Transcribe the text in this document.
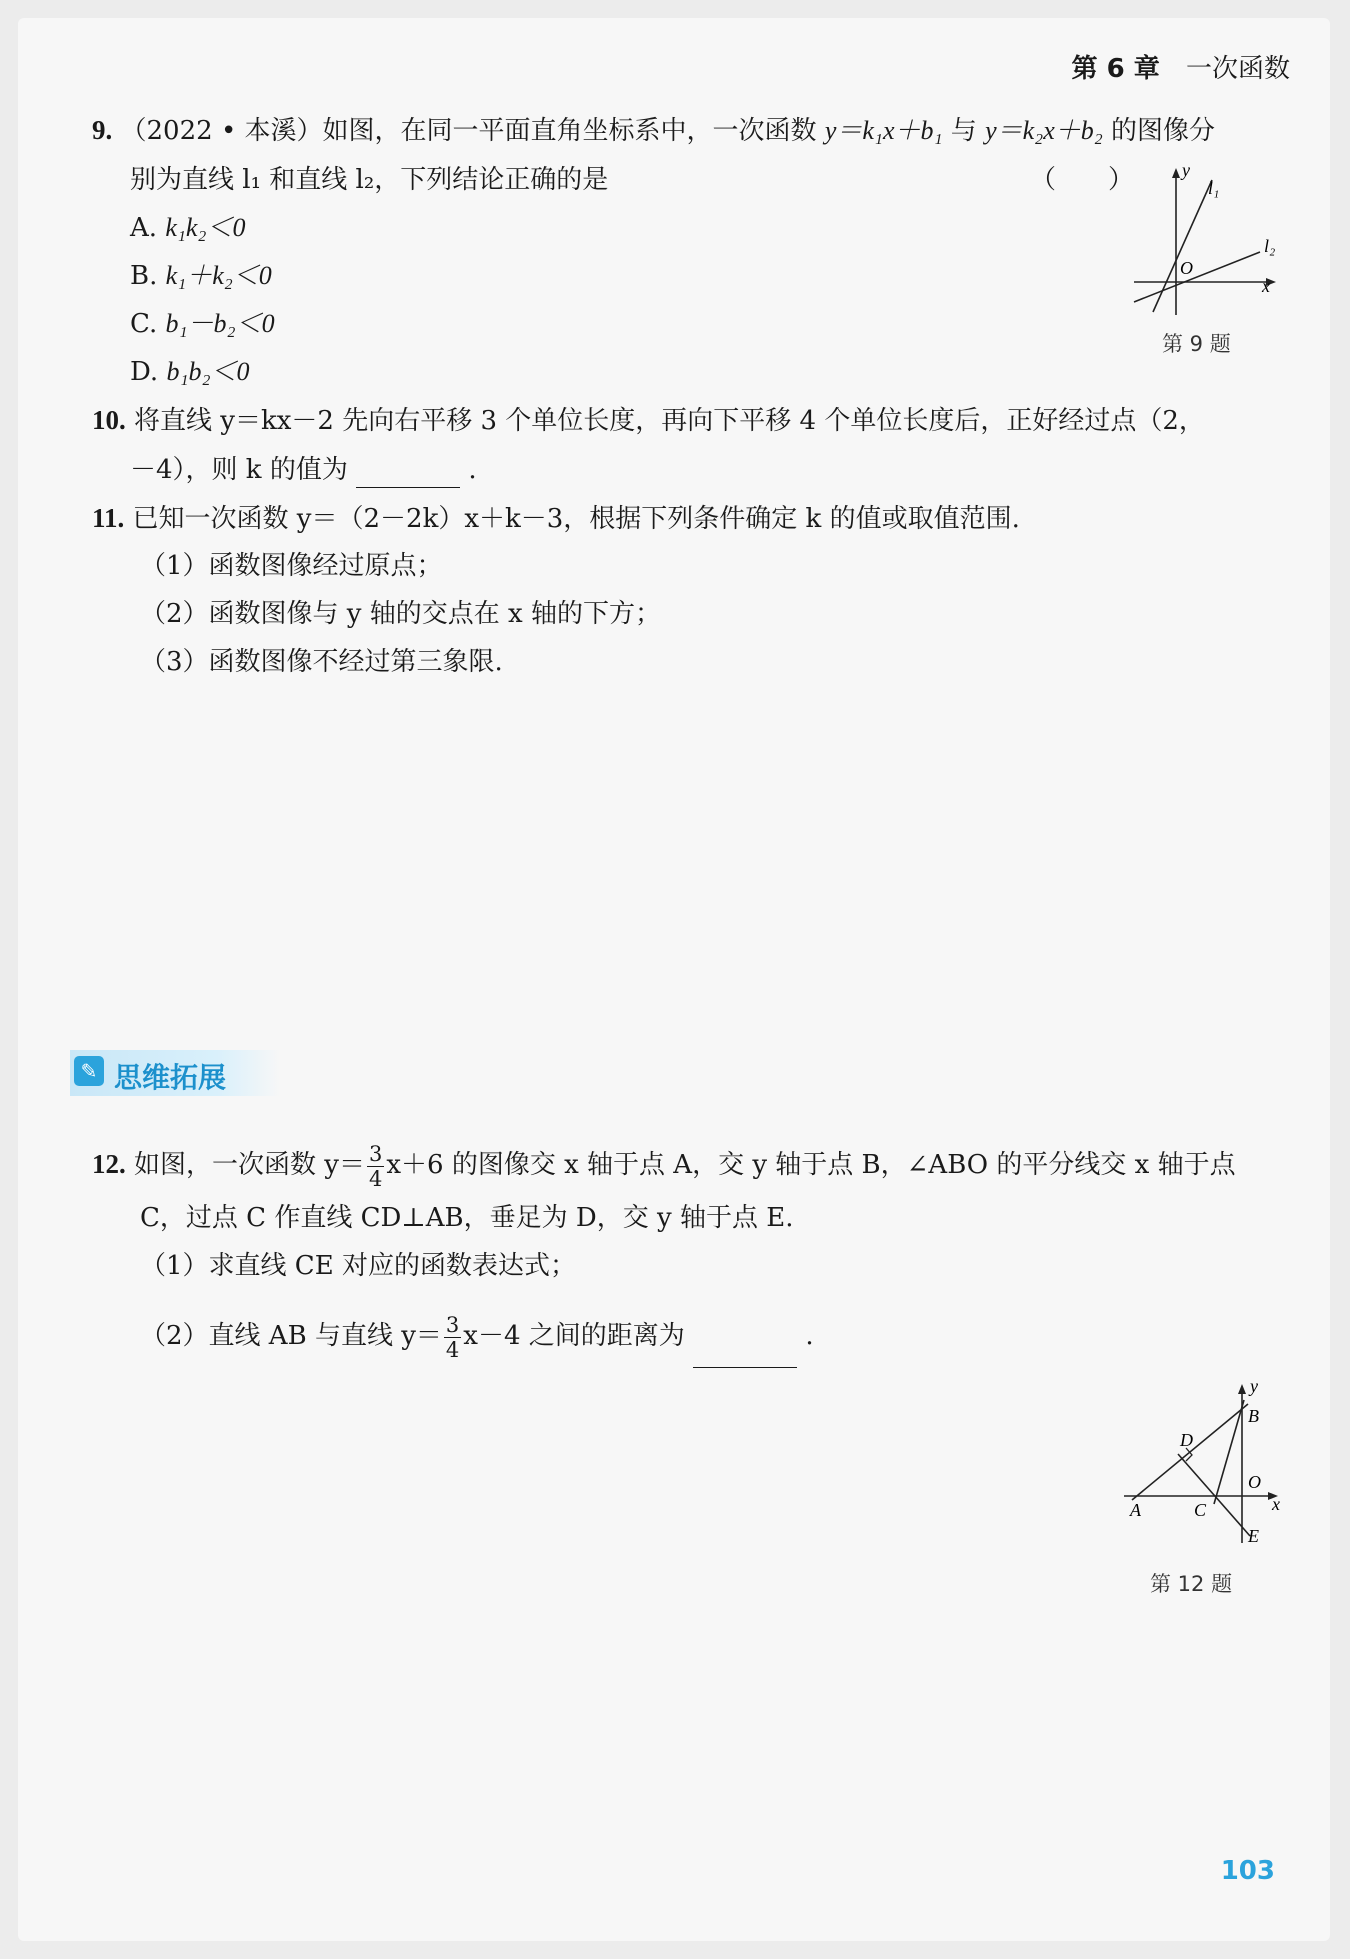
第 6 章 一次函数
9. （2022 • 本溪）如图，在同一平面直角坐标系中，一次函数 y＝k₁x＋b₁ 与 y＝k₂x＋b₂ 的图像分
别为直线 l₁ 和直线 l₂，下列结论正确的是	（　　）
A. k₁k₂＜0
B. k₁＋k₂＜0
C. b₁－b₂＜0
D. b₁b₂＜0
y
l₁
l₂
O
x
第 9 题
10. 将直线 y＝kx－2 先向右平移 3 个单位长度，再向下平移 4 个单位长度后，正好经过点（2，
－4），则 k 的值为	.
11. 已知一次函数 y＝（2－2k）x＋k－3，根据下列条件确定 k 的值或取值范围.
（1）函数图像经过原点；
（2）函数图像与 y 轴的交点在 x 轴的下方；
（3）函数图像不经过第三象限.
✎ 思维拓展
12. 如图，一次函数 $y= \frac{3}{4} x+6$ 的图像交 x 轴于点 A，交 y 轴于点 B，∠ABO 的平分线交 x 轴于点
C，过点 C 作直线 CD⊥AB，垂足为 D，交 y 轴于点 E.
（1）求直线 CE 对应的函数表达式；
（2）直线 AB 与直线 $y= \frac{3}{4} x-4$ 之间的距离为	.
y
B
D
O
x
A	C
E
第 12 题
103
